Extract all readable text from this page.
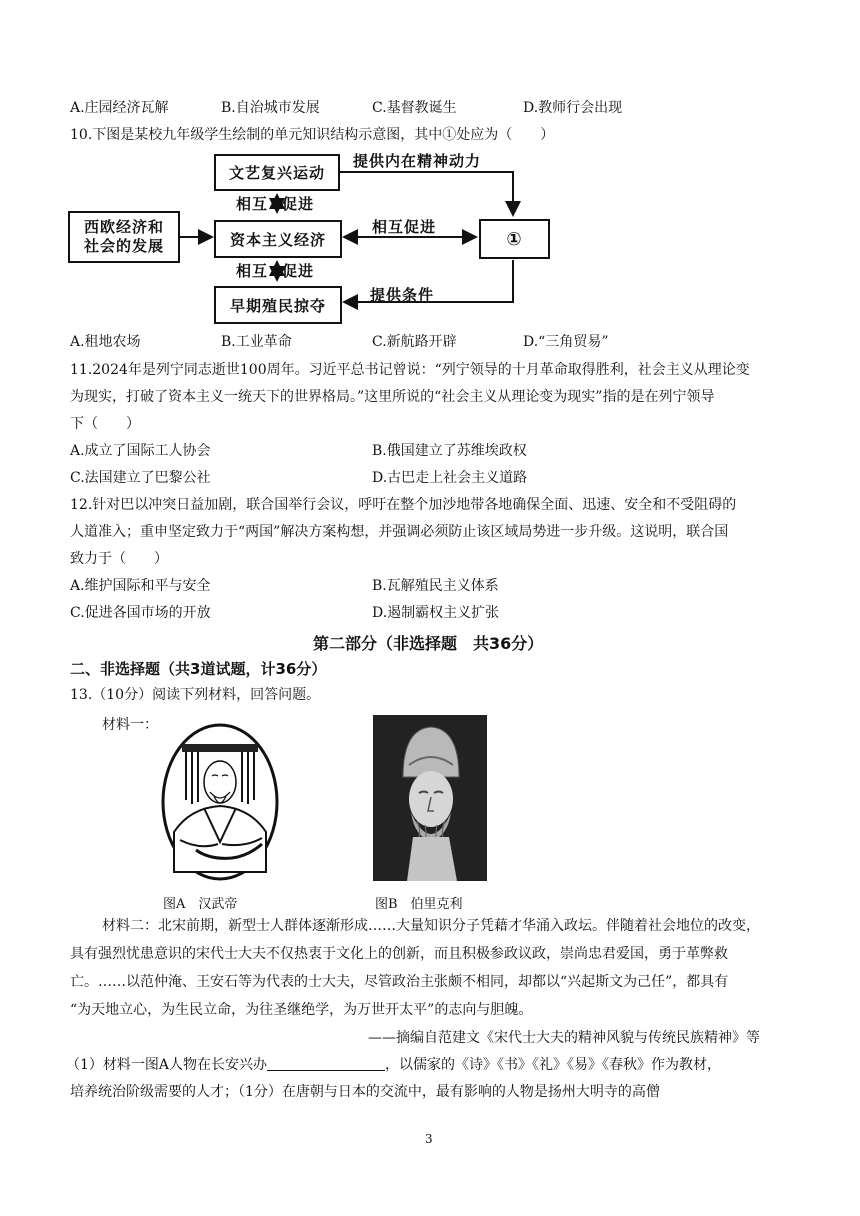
A.庄园经济瓦解	B.自治城市发展	C.基督教诞生	D.教师行会出现
10.下图是某校九年级学生绘制的单元知识结构示意图，其中①处应为（　　）
西欧经济和
社会的发展
文艺复兴运动
资本主义经济
早期殖民掠夺
①
提供内在精神动力
相互 促进
相互促进
相互 促进
提供条件
A.租地农场	B.工业革命	C.新航路开辟	D.“三角贸易”
11.2024年是列宁同志逝世100周年。习近平总书记曾说：“列宁领导的十月革命取得胜利，社会主义从理论变
为现实，打破了资本主义一统天下的世界格局。”这里所说的“社会主义从理论变为现实”指的是在列宁领导
下（　　）
A.成立了国际工人协会	B.俄国建立了苏维埃政权
C.法国建立了巴黎公社	D.古巴走上社会主义道路
12.针对巴以冲突日益加剧，联合国举行会议，呼吁在整个加沙地带各地确保全面、迅速、安全和不受阻碍的
人道准入；重申坚定致力于“两国”解决方案构想，并强调必须防止该区域局势进一步升级。这说明，联合国
致力于（　　）
A.维护国际和平与安全	B.瓦解殖民主义体系
C.促进各国市场的开放	D.遏制霸权主义扩张
第二部分（非选择题　共36分）
二、非选择题（共3道试题，计36分）
13.（10分）阅读下列材料，回答问题。
材料一：
图A　汉武帝	图B　伯里克利
材料二：北宋前期，新型士人群体逐渐形成……大量知识分子凭藉才华涌入政坛。伴随着社会地位的改变，
具有强烈忧患意识的宋代士大夫不仅热衷于文化上的创新，而且积极参政议政，崇尚忠君爱国，勇于革弊救
亡。……以范仲淹、王安石等为代表的士大夫，尽管政治主张颇不相同，却都以“兴起斯文为己任”，都具有
“为天地立心，为生民立命，为往圣继绝学，为万世开太平”的志向与胆魄。
——摘编自范建文《宋代士大夫的精神风貌与传统民族精神》等
（1）材料一图A人物在长安兴办	，以儒家的《诗》《书》《礼》《易》《春秋》作为教材，
培养统治阶级需要的人才；（1分）在唐朝与日本的交流中，最有影响的人物是扬州大明寺的高僧
3
